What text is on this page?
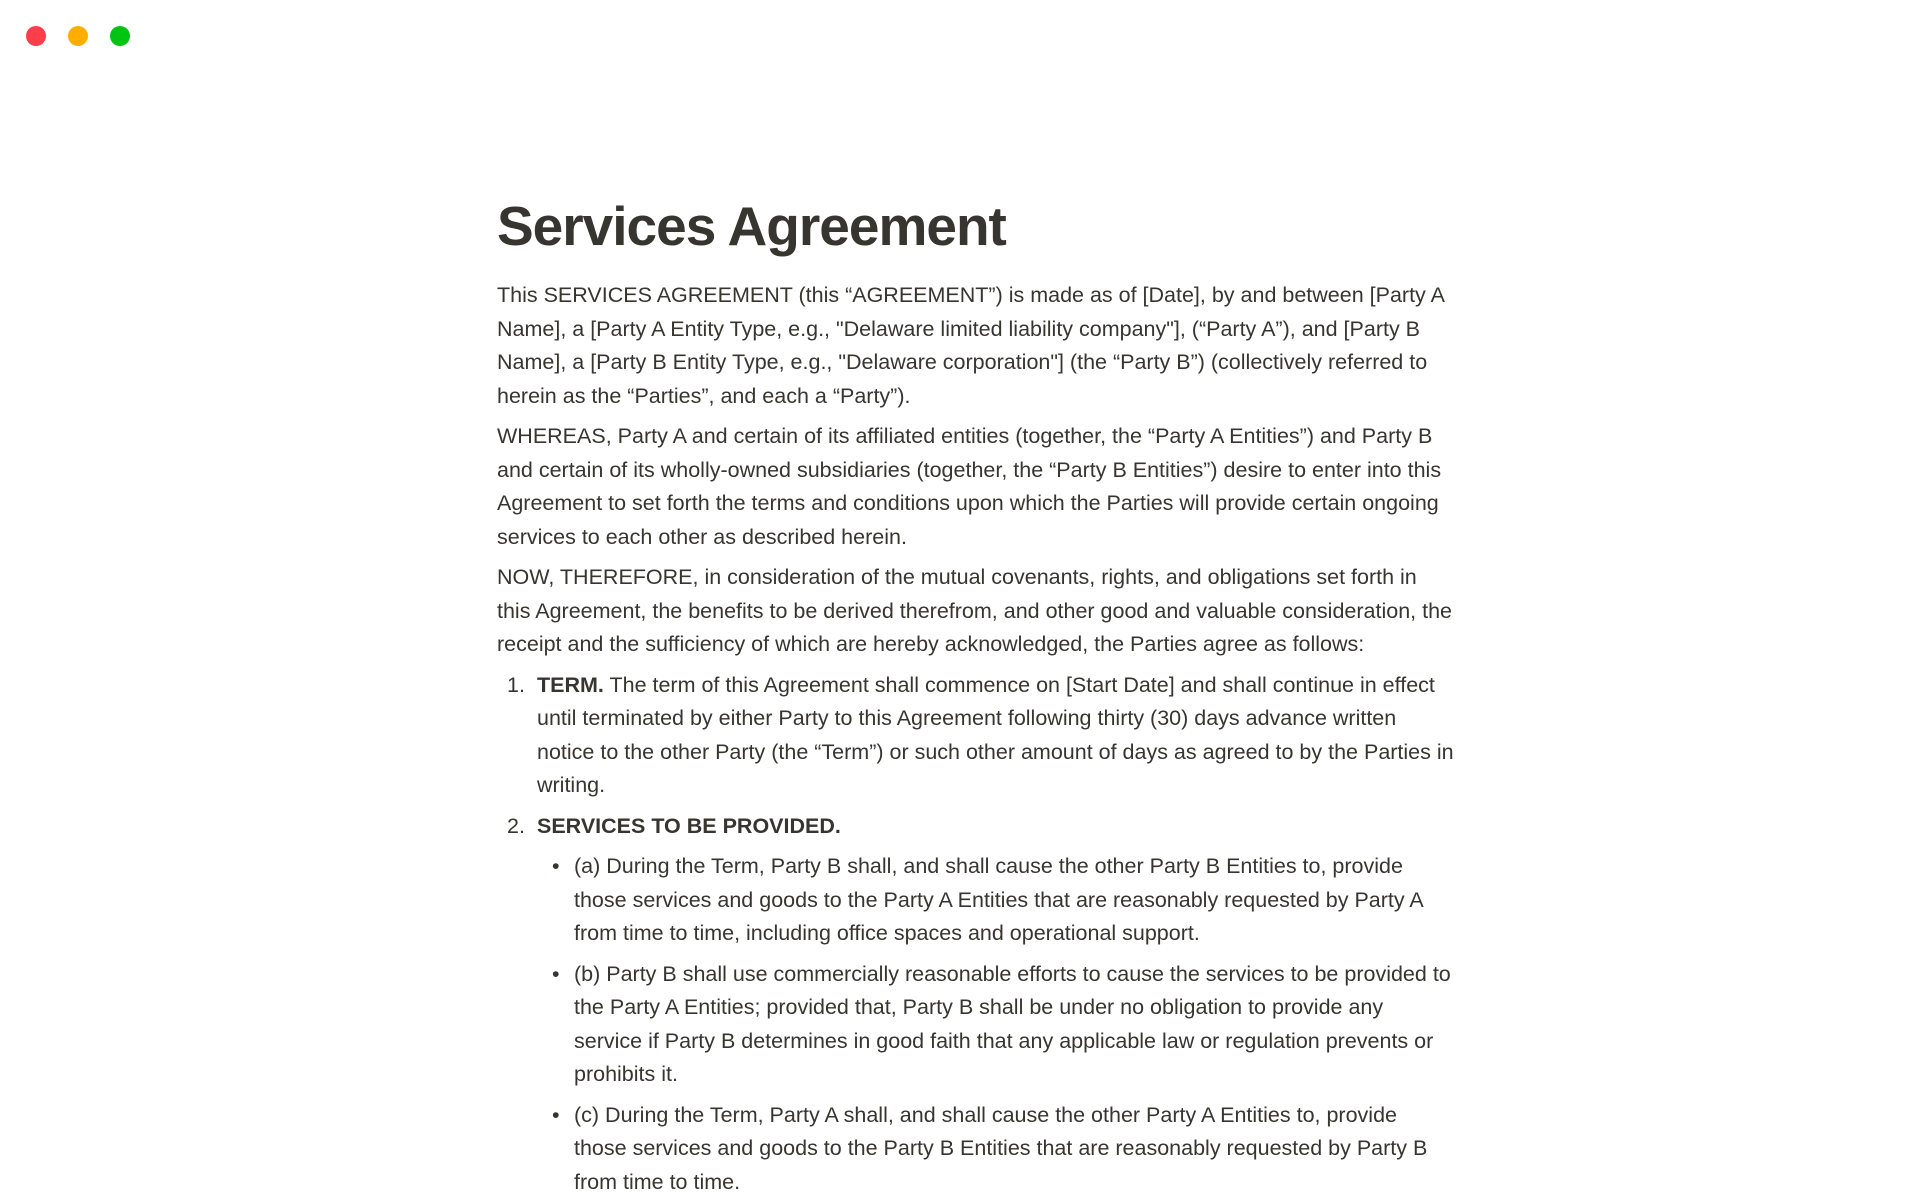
Services Agreement

This SERVICES AGREEMENT (this “AGREEMENT”) is made as of [Date], by and between [Party A Name], a [Party A Entity Type, e.g., "Delaware limited liability company"], (“Party A”), and [Party B Name], a [Party B Entity Type, e.g., "Delaware corporation"] (the “Party B”) (collectively referred to herein as the “Parties”, and each a “Party”).

WHEREAS, Party A and certain of its affiliated entities (together, the “Party A Entities”) and Party B and certain of its wholly-owned subsidiaries (together, the “Party B Entities”) desire to enter into this Agreement to set forth the terms and conditions upon which the Parties will provide certain ongoing services to each other as described herein.

NOW, THEREFORE, in consideration of the mutual covenants, rights, and obligations set forth in this Agreement, the benefits to be derived therefrom, and other good and valuable consideration, the receipt and the sufficiency of which are hereby acknowledged, the Parties agree as follows:

1. TERM. The term of this Agreement shall commence on [Start Date] and shall continue in effect until terminated by either Party to this Agreement following thirty (30) days advance written notice to the other Party (the “Term”) or such other amount of days as agreed to by the Parties in writing.
2. SERVICES TO BE PROVIDED.
• (a) During the Term, Party B shall, and shall cause the other Party B Entities to, provide those services and goods to the Party A Entities that are reasonably requested by Party A from time to time, including office spaces and operational support.
• (b) Party B shall use commercially reasonable efforts to cause the services to be provided to the Party A Entities; provided that, Party B shall be under no obligation to provide any service if Party B determines in good faith that any applicable law or regulation prevents or prohibits it.
• (c) During the Term, Party A shall, and shall cause the other Party A Entities to, provide those services and goods to the Party B Entities that are reasonably requested by Party B from time to time.
